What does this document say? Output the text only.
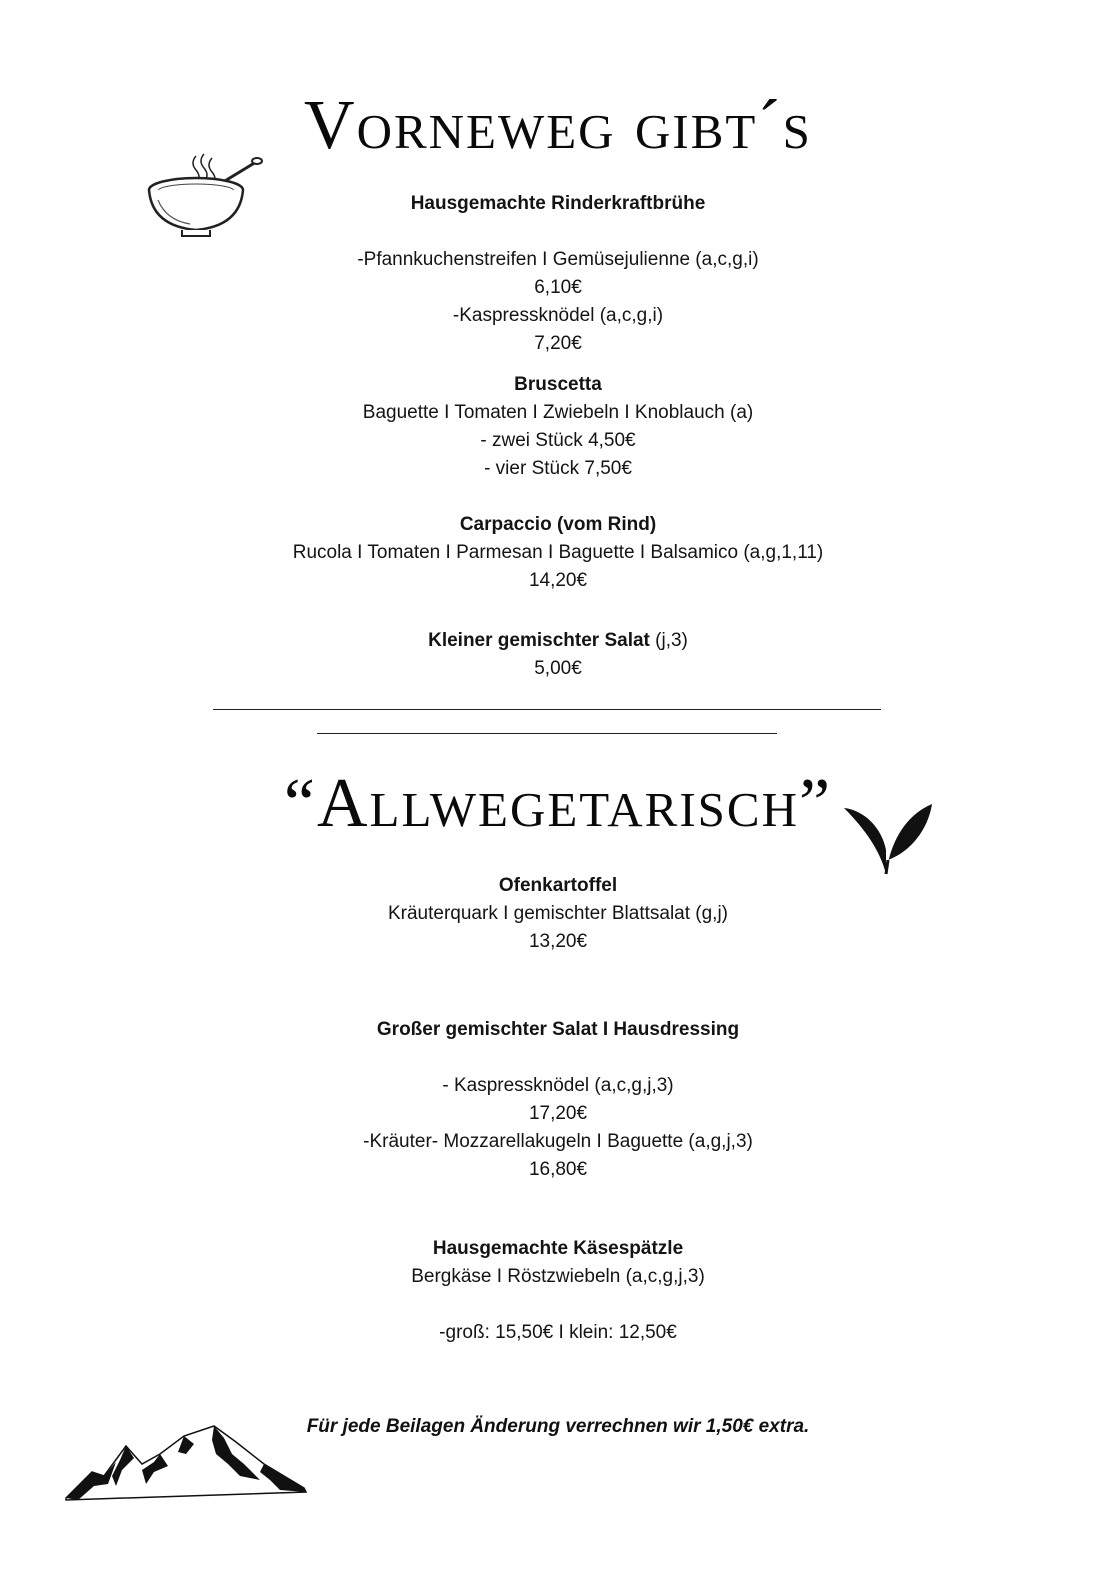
Vorneweg gibt´s
Hausgemachte Rinderkraftbrühe
-Pfannkuchenstreifen I Gemüsejulienne (a,c,g,i)
6,10€
-Kaspressknödel (a,c,g,i)
7,20€
Bruscetta
Baguette I Tomaten I Zwiebeln I Knoblauch (a)
- zwei Stück 4,50€
- vier Stück 7,50€
Carpaccio (vom Rind)
Rucola I Tomaten I Parmesan I Baguette I Balsamico (a,g,1,11)
14,20€
Kleiner gemischter Salat (j,3)
5,00€
“Allwegetarisch”
Ofenkartoffel
Kräuterquark I gemischter Blattsalat (g,j)
13,20€
Großer gemischter Salat I Hausdressing
- Kaspressknödel (a,c,g,j,3)
17,20€
-Kräuter- Mozzarellakugeln I Baguette (a,g,j,3)
16,80€
Hausgemachte Käsespätzle
Bergkäse I Röstzwiebeln (a,c,g,j,3)
-groß: 15,50€ I klein: 12,50€
Für jede Beilagen Änderung verrechnen wir 1,50€ extra.
